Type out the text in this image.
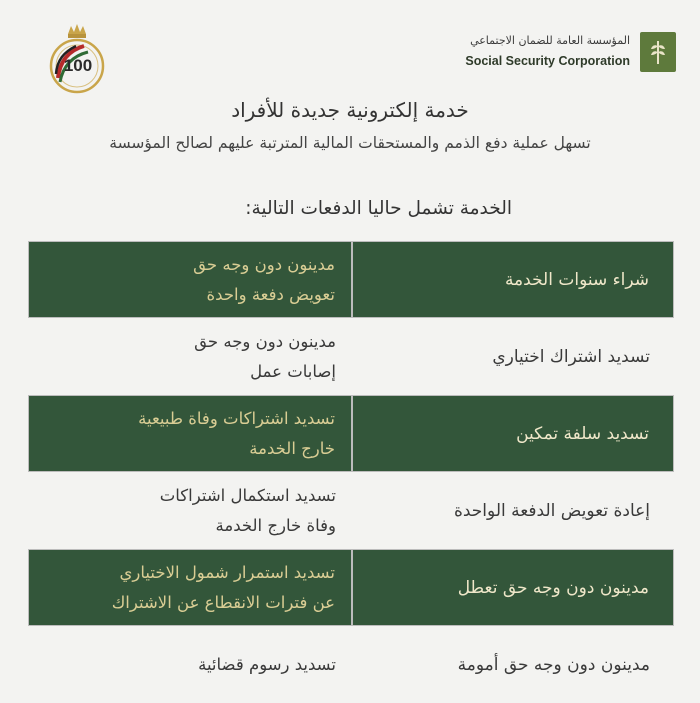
المؤسسة العامة للضمان الاجتماعي
Social Security Corporation
100
خدمة إلكترونية جديدة للأفراد
تسهل عملية دفع الذمم والمستحقات المالية المترتبة عليهم لصالح المؤسسة
الخدمة تشمل حاليا الدفعات التالية:
مدينون دون وجه حق
تعويض دفعة واحدة
شراء سنوات الخدمة
مدينون دون وجه حق
إصابات عمل
تسديد اشتراك اختياري
تسديد اشتراكات وفاة طبيعية
خارج الخدمة
تسديد سلفة تمكين
تسديد استكمال اشتراكات
وفاة خارج الخدمة
إعادة تعويض الدفعة الواحدة
تسديد استمرار شمول الاختياري
عن فترات الانقطاع عن الاشتراك
مدينون دون وجه حق تعطل
تسديد رسوم قضائية	مدينون دون وجه حق أمومة
